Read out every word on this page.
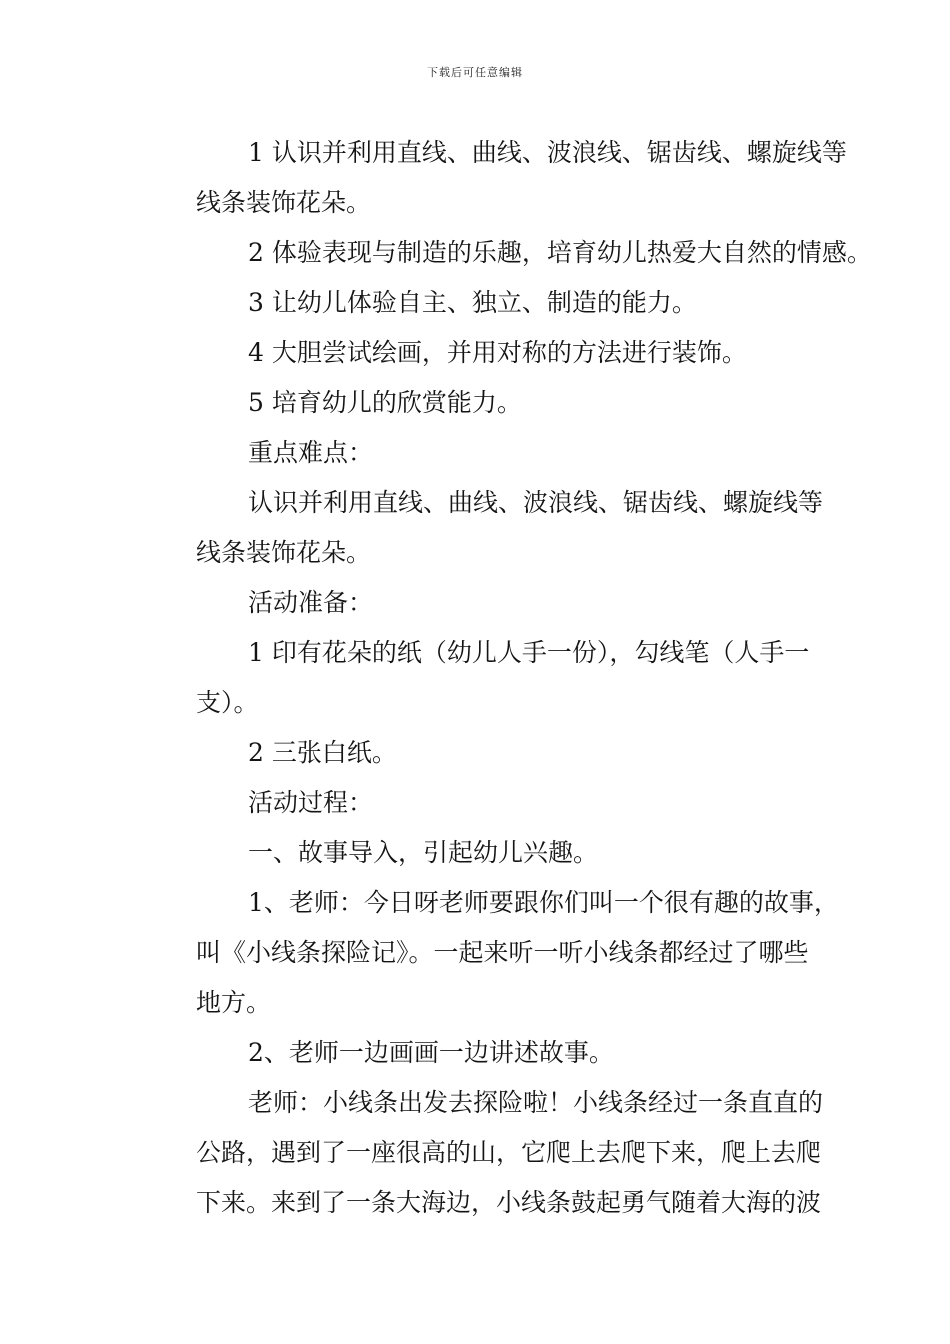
下载后可任意编辑
1 认识并利用直线、曲线、波浪线、锯齿线、螺旋线等
线条装饰花朵。
2 体验表现与制造的乐趣，培育幼儿热爱大自然的情感。
3 让幼儿体验自主、独立、制造的能力。
4 大胆尝试绘画，并用对称的方法进行装饰。
5 培育幼儿的欣赏能力。
重点难点：
认识并利用直线、曲线、波浪线、锯齿线、螺旋线等
线条装饰花朵。
活动准备：
1 印有花朵的纸（幼儿人手一份），勾线笔（人手一
支）。
2 三张白纸。
活动过程：
一、故事导入，引起幼儿兴趣。
1、老师：今日呀老师要跟你们叫一个很有趣的故事，
叫《小线条探险记》。一起来听一听小线条都经过了哪些
地方。
2、老师一边画画一边讲述故事。
老师：小线条出发去探险啦！小线条经过一条直直的
公路，遇到了一座很高的山，它爬上去爬下来，爬上去爬
下来。来到了一条大海边，小线条鼓起勇气随着大海的波
